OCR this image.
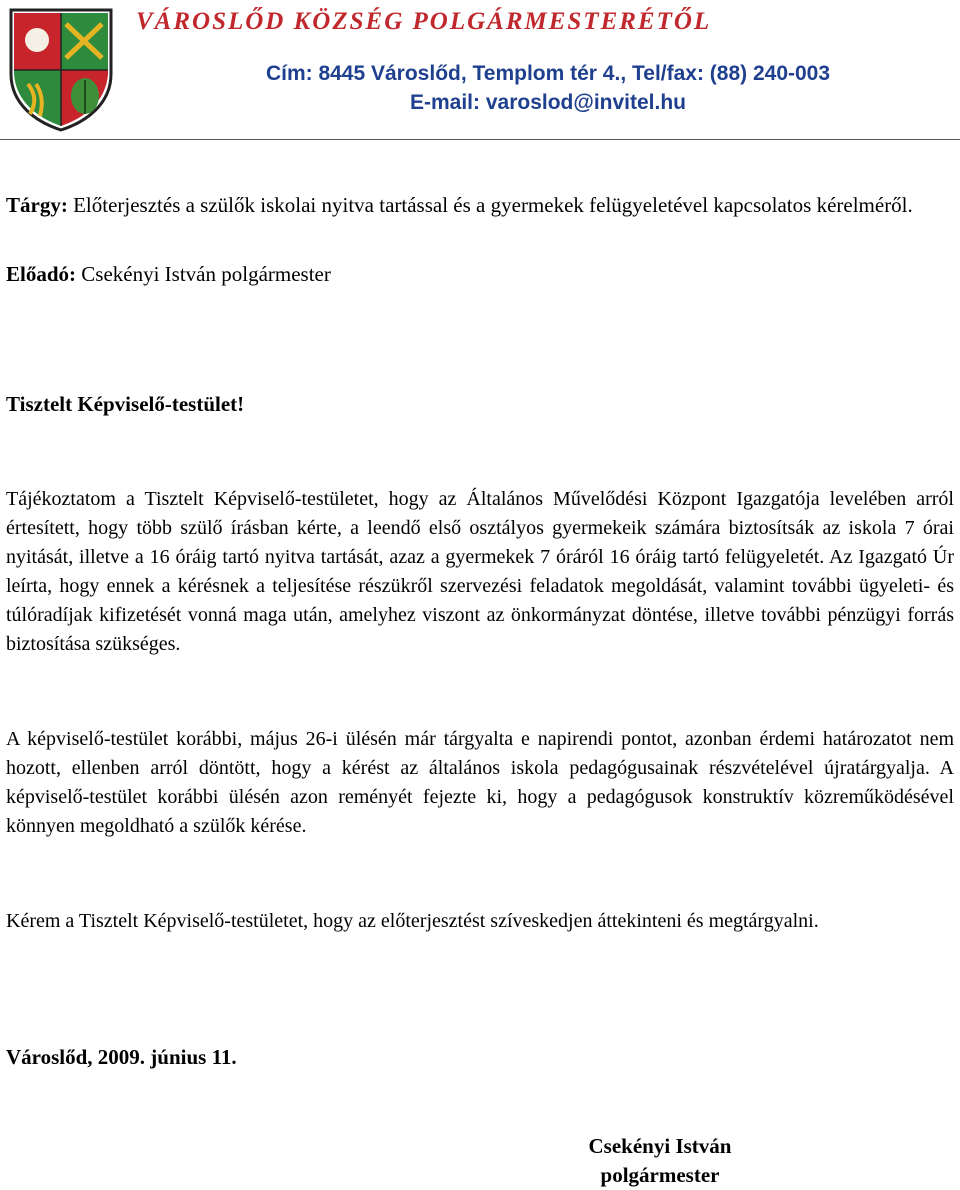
VÁROSLŐD KÖZSÉG POLGÁRMESTERÉTŐL
Cím: 8445 Városlőd, Templom tér 4., Tel/fax: (88) 240-003
E-mail: varoslod@invitel.hu
Tárgy: Előterjesztés a szülők iskolai nyitva tartással és a gyermekek felügyeletével kapcsolatos kérelméről.
Előadó: Csekényi István polgármester
Tisztelt Képviselő-testület!
Tájékoztatom a Tisztelt Képviselő-testületet, hogy az Általános Művelődési Központ Igazgatója levelében arról értesített, hogy több szülő írásban kérte, a leendő első osztályos gyermekeik számára biztosítsák az iskola 7 órai nyitását, illetve a 16 óráig tartó nyitva tartását, azaz a gyermekek 7 óráról 16 óráig tartó felügyeletét. Az Igazgató Úr leírta, hogy ennek a kérésnek a teljesítése részükről szervezési feladatok megoldását, valamint további ügyeleti- és túlóradíjak kifizetését vonná maga után, amelyhez viszont az önkormányzat döntése, illetve további pénzügyi forrás biztosítása szükséges.
A képviselő-testület korábbi, május 26-i ülésén már tárgyalta e napirendi pontot, azonban érdemi határozatot nem hozott, ellenben arról döntött, hogy a kérést az általános iskola pedagógusainak részvételével újratárgyalja. A képviselő-testület korábbi ülésén azon reményét fejezte ki, hogy a pedagógusok konstruktív közreműködésével könnyen megoldható a szülők kérése.
Kérem a Tisztelt Képviselő-testületet, hogy az előterjesztést szíveskedjen áttekinteni és megtárgyalni.
Városlőd, 2009. június 11.
Csekényi István
polgármester
